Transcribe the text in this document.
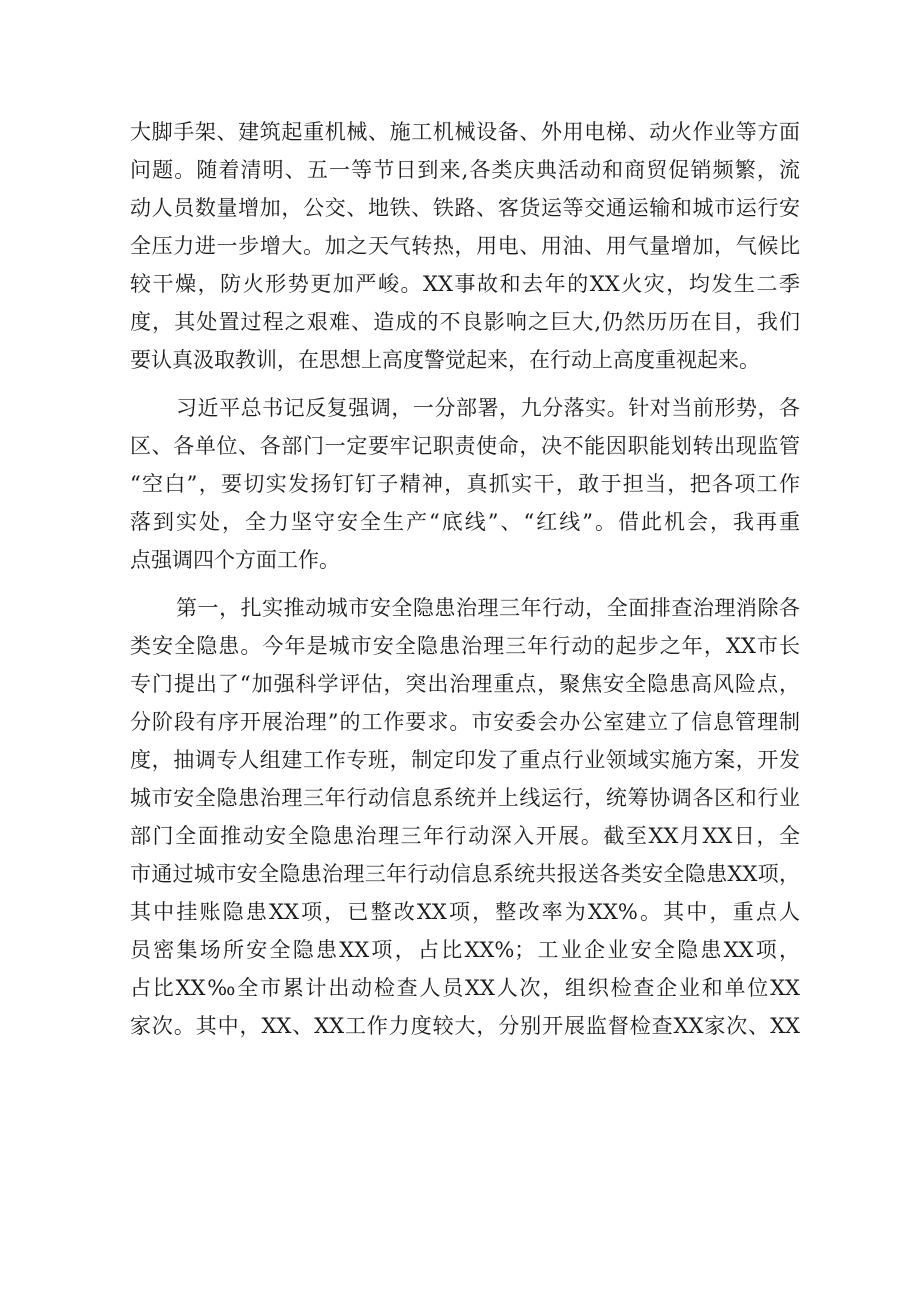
大脚手架、建筑起重机械、施工机械设备、外用电梯、动火作业等方面
问题。随着清明、五一等节日到来,各类庆典活动和商贸促销频繁，流
动人员数量增加，公交、地铁、铁路、客货运等交通运输和城市运行安
全压力进一步增大。加之天气转热，用电、用油、用气量增加，气候比
较干燥，防火形势更加严峻。XX事故和去年的XX火灾，均发生二季
度，其处置过程之艰难、造成的不良影响之巨大,仍然历历在目，我们
要认真汲取教训，在思想上高度警觉起来，在行动上高度重视起来。
习近平总书记反复强调，一分部署，九分落实。针对当前形势，各
区、各单位、各部门一定要牢记职责使命，决不能因职能划转出现监管
“空白”，要切实发扬钉钉子精神，真抓实干，敢于担当，把各项工作
落到实处，全力坚守安全生产“底线”、“红线”。借此机会，我再重
点强调四个方面工作。
第一，扎实推动城市安全隐患治理三年行动，全面排查治理消除各
类安全隐患。今年是城市安全隐患治理三年行动的起步之年，XX市长
专门提出了“加强科学评估，突出治理重点，聚焦安全隐患高风险点，
分阶段有序开展治理”的工作要求。市安委会办公室建立了信息管理制
度，抽调专人组建工作专班，制定印发了重点行业领域实施方案，开发
城市安全隐患治理三年行动信息系统并上线运行，统筹协调各区和行业
部门全面推动安全隐患治理三年行动深入开展。截至XX月XX日，全
市通过城市安全隐患治理三年行动信息系统共报送各类安全隐患XX项，
其中挂账隐患XX项，已整改XX项，整改率为XX%。其中，重点人
员密集场所安全隐患XX项，占比XX%；工业企业安全隐患XX项，
占比XX‰全市累计出动检查人员XX人次，组织检查企业和单位XX
家次。其中，XX、XX工作力度较大，分别开展监督检查XX家次、XX
